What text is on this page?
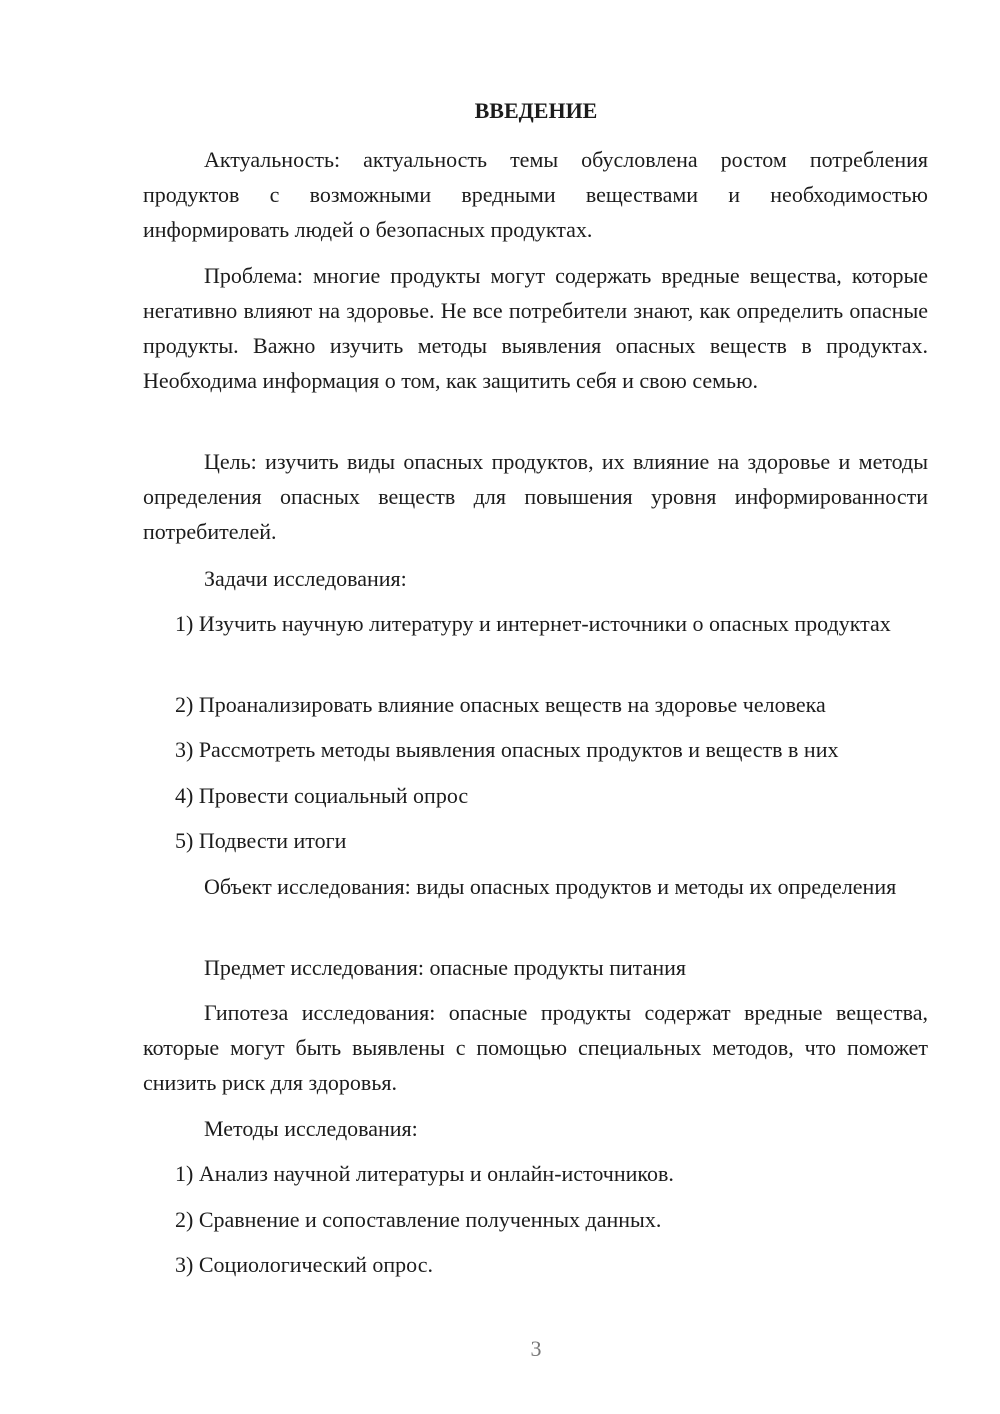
ВВЕДЕНИЕ

Актуальность: актуальность темы обусловлена ростом потребления продуктов с возможными вредными веществами и необходимостью информировать людей о безопасных продуктах.

Проблема: многие продукты могут содержать вредные вещества, которые негативно влияют на здоровье. Не все потребители знают, как определить опасные продукты. Важно изучить методы выявления опасных веществ в продуктах. Необходима информация о том, как защитить себя и свою семью.

Цель: изучить виды опасных продуктов, их влияние на здоровье и методы определения опасных веществ для повышения уровня информированности потребителей.

Задачи исследования:

1) Изучить научную литературу и интернет-источники о опасных продуктах

2) Проанализировать влияние опасных веществ на здоровье человека

3) Рассмотреть методы выявления опасных продуктов и веществ в них

4) Провести социальный опрос

5) Подвести итоги

Объект исследования: виды опасных продуктов и методы их определения

Предмет исследования: опасные продукты питания

Гипотеза исследования: опасные продукты содержат вредные вещества, которые могут быть выявлены с помощью специальных методов, что поможет снизить риск для здоровья.

Методы исследования:

1) Анализ научной литературы и онлайн-источников.

2) Сравнение и сопоставление полученных данных.

3) Социологический опрос.

3
